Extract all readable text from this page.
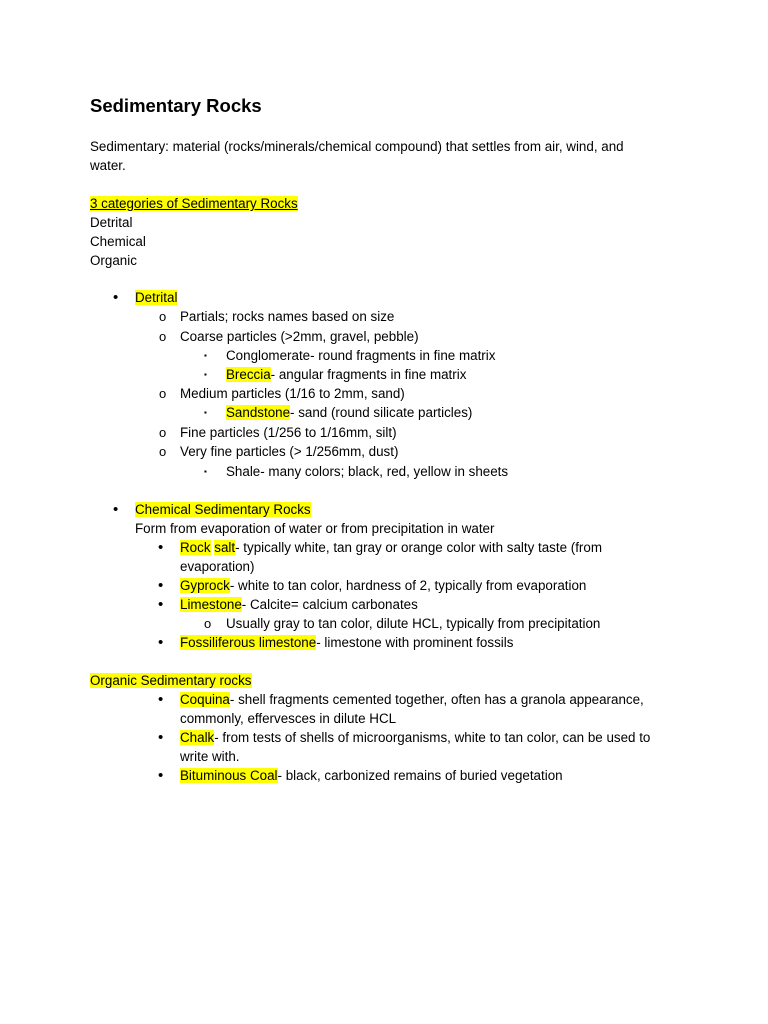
Sedimentary Rocks
Sedimentary: material (rocks/minerals/chemical compound) that settles from air, wind, and
water.
3 categories of Sedimentary Rocks
Detrital
Chemical
Organic
• Detrital
o Partials; rocks names based on size
o Coarse particles (>2mm, gravel, pebble)
▪ Conglomerate- round fragments in fine matrix
▪ Breccia- angular fragments in fine matrix
o Medium particles (1/16 to 2mm, sand)
▪ Sandstone- sand (round silicate particles)
o Fine particles (1/256 to 1/16mm, silt)
o Very fine particles (> 1/256mm, dust)
▪ Shale- many colors; black, red, yellow in sheets
• Chemical Sedimentary Rocks
Form from evaporation of water or from precipitation in water
• Rock salt- typically white, tan gray or orange color with salty taste (from
evaporation)
• Gyprock- white to tan color, hardness of 2, typically from evaporation
• Limestone- Calcite= calcium carbonates
o Usually gray to tan color, dilute HCL, typically from precipitation
• Fossiliferous limestone- limestone with prominent fossils
Organic Sedimentary rocks
• Coquina- shell fragments cemented together, often has a granola appearance,
commonly, effervesces in dilute HCL
• Chalk- from tests of shells of microorganisms, white to tan color, can be used to
write with.
• Bituminous Coal- black, carbonized remains of buried vegetation
